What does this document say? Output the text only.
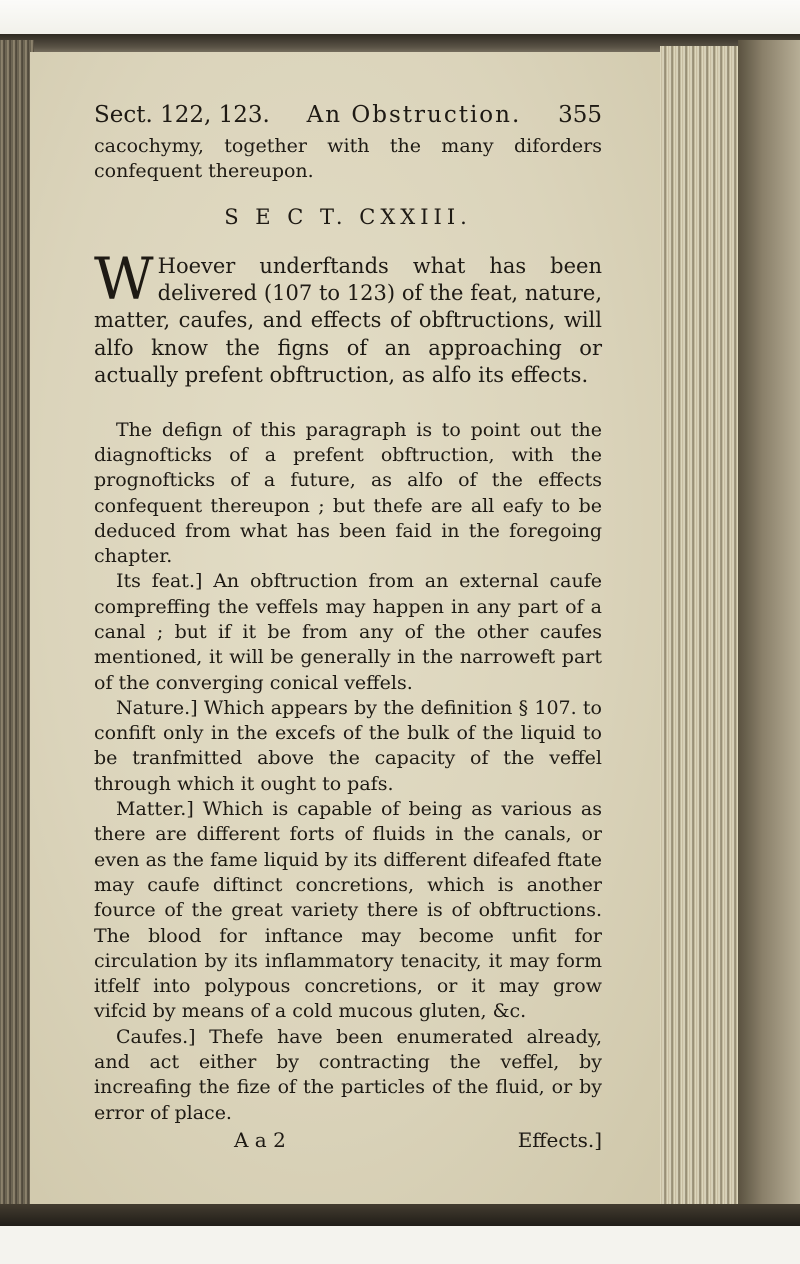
Sect. 122, 123. An Obstruction. 355

cacochymy, together with the many diforders confequent thereupon.

S E C T. CXXIII.

W Hoever underftands what has been delivered (107 to 123) of the feat, nature, matter, caufes, and effects of obftructions, will alfo know the figns of an approaching or actually prefent obftruction, as alfo its effects.

The defign of this paragraph is to point out the diagnofticks of a prefent obftruction, with the prognofticks of a future, as alfo of the effects confequent thereupon ; but thefe are all eafy to be deduced from what has been faid in the foregoing chapter.

Its feat.] An obftruction from an external caufe compreffing the veffels may happen in any part of a canal ; but if it be from any of the other caufes mentioned, it will be generally in the narroweft part of the converging conical veffels.

Nature.] Which appears by the definition § 107. to confift only in the excefs of the bulk of the liquid to be tranfmitted above the capacity of the veffel through which it ought to pafs.

Matter.] Which is capable of being as various as there are different forts of fluids in the canals, or even as the fame liquid by its different difeafed ftate may caufe diftinct concretions, which is another fource of the great variety there is of obftructions. The blood for inftance may become unfit for circulation by its inflammatory tenacity, it may form itfelf into polypous concretions, or it may grow vifcid by means of a cold mucous gluten, &c.

Caufes.] Thefe have been enumerated already, and act either by contracting the veffel, by increafing the fize of the particles of the fluid, or by error of place.

A a 2	Effects.]
